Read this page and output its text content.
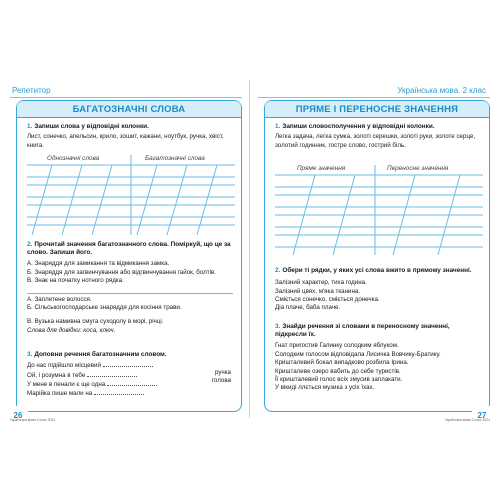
Репетитор
БАГАТОЗНАЧНІ СЛОВА
1. Запиши слова у відповідні колонки.
Лист, сонечко, апельсин, крило, зошит, кажани, ноутбук, ручка, хвіст, книга.
Однозначні слова	Багатозначні слова
2. Прочитай значення багатозначного слова. Поміркуй, що це за слово. Запиши його.
А. Знаряддя для замикання та відмикання замка.
Б. Знаряддя для загвинчування або відгвинчування гайок, болтів.
В. Знак на початку нотного рядка.
А. Заплетене волосся.
Б. Сільськогосподарське знаряддя для косіння трави.
В. Вузька намивна смуга суходолу в морі, річці.
Слова для довідки: коса, ключ.
3. Доповни речення багатозначним словом.
До нас підійшло місцевий
Ой, і розумна в тебе
У мене в пенали є ще одна
Марійка пише мали на
ручка
голова
26
Українська мова 2 клас 2024
Українська мова. 2 клас
ПРЯМЕ І ПЕРЕНОСНЕ ЗНАЧЕННЯ
1. Запиши словосполучення у відповідні колонки.
Легка задача, легка сумка, золоті серешки, золоті руки, золоте серце, золотий годинник, гостре слово, гострий біль.
Пряме значення	Переносне значення
2. Обери ті рядки, у яких усі слова вжито в прямому значенні.
Залізний характер, тиха година.
Залізний цвях, м'яка тканина.
Сміється сонечко, сміється донечка.
Діа плаче, баба плаче.
3. Знайди речення зі словами в переносному значенні, підкресли їх.
Гнат пригостив Галинку солодким яблуком.
Солодким голосом відповідала Лисичка Вовчику-Братику.
Кришталевий бокал випадково розбила Ірина.
Кришталеве озеро вабить до себе туристів.
Її кришталевий голос всіх змусив заплакати.
У вікиді ллється музика з усіх їхах.
27
Українська мова 2 клас 2024
